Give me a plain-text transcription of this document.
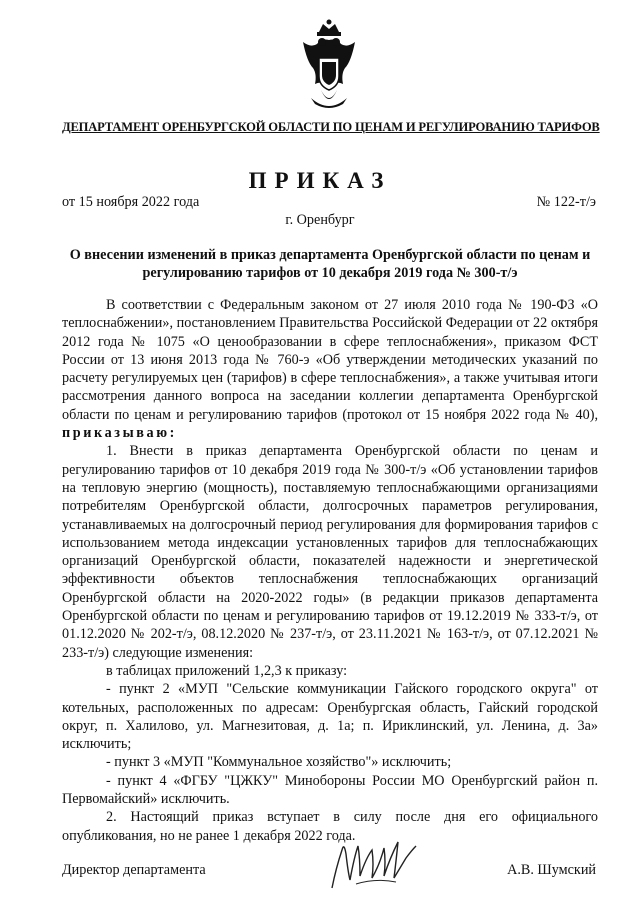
ДЕПАРТАМЕНТ ОРЕНБУРГСКОЙ ОБЛАСТИ ПО ЦЕНАМ И РЕГУЛИРОВАНИЮ ТАРИФОВ
ПРИКАЗ
от 15 ноября 2022 года	№ 122-т/э
г. Оренбург
О внесении изменений в приказ департамента Оренбургской области по ценам и регулированию тарифов от 10 декабря 2019 года № 300-т/э

В соответствии с Федеральным законом от 27 июля 2010 года № 190-ФЗ «О теплоснабжении», постановлением Правительства Российской Федерации от 22 октября 2012 года № 1075 «О ценообразовании в сфере теплоснабжения», приказом ФСТ России от 13 июня 2013 года № 760-э «Об утверждении методических указаний по расчету регулируемых цен (тарифов) в сфере теплоснабжения», а также учитывая итоги рассмотрения данного вопроса на заседании коллегии департамента Оренбургской области по ценам и регулированию тарифов (протокол от 15 ноября 2022 года № 40), приказываю:

1. Внести в приказ департамента Оренбургской области по ценам и регулированию тарифов от 10 декабря 2019 года № 300-т/э «Об установлении тарифов на тепловую энергию (мощность), поставляемую теплоснабжающими организациями потребителям Оренбургской области, долгосрочных параметров регулирования, устанавливаемых на долгосрочный период регулирования для формирования тарифов с использованием метода индексации установленных тарифов для теплоснабжающих организаций Оренбургской области, показателей надежности и энергетической эффективности объектов теплоснабжения теплоснабжающих организаций Оренбургской области на 2020-2022 годы» (в редакции приказов департамента Оренбургской области по ценам и регулированию тарифов от 19.12.2019 № 333-т/э, от 01.12.2020 № 202-т/э, 08.12.2020 № 237-т/э, от 23.11.2021 № 163-т/э, от 07.12.2021 № 233-т/э) следующие изменения:

в таблицах приложений 1,2,3 к приказу:

- пункт 2 «МУП "Сельские коммуникации Гайского городского округа" от котельных, расположенных по адресам: Оренбургская область, Гайский городской округ, п. Халилово, ул. Магнезитовая, д. 1а; п. Ириклинский, ул. Ленина, д. 3а» исключить;

- пункт 3 «МУП "Коммунальное хозяйство"» исключить;

- пункт 4 «ФГБУ "ЦЖКУ" Минобороны России МО Оренбургский район п. Первомайский» исключить.

2. Настоящий приказ вступает в силу после дня его официального опубликования, но не ранее 1 декабря 2022 года.

Директор департамента	А.В. Шумский
